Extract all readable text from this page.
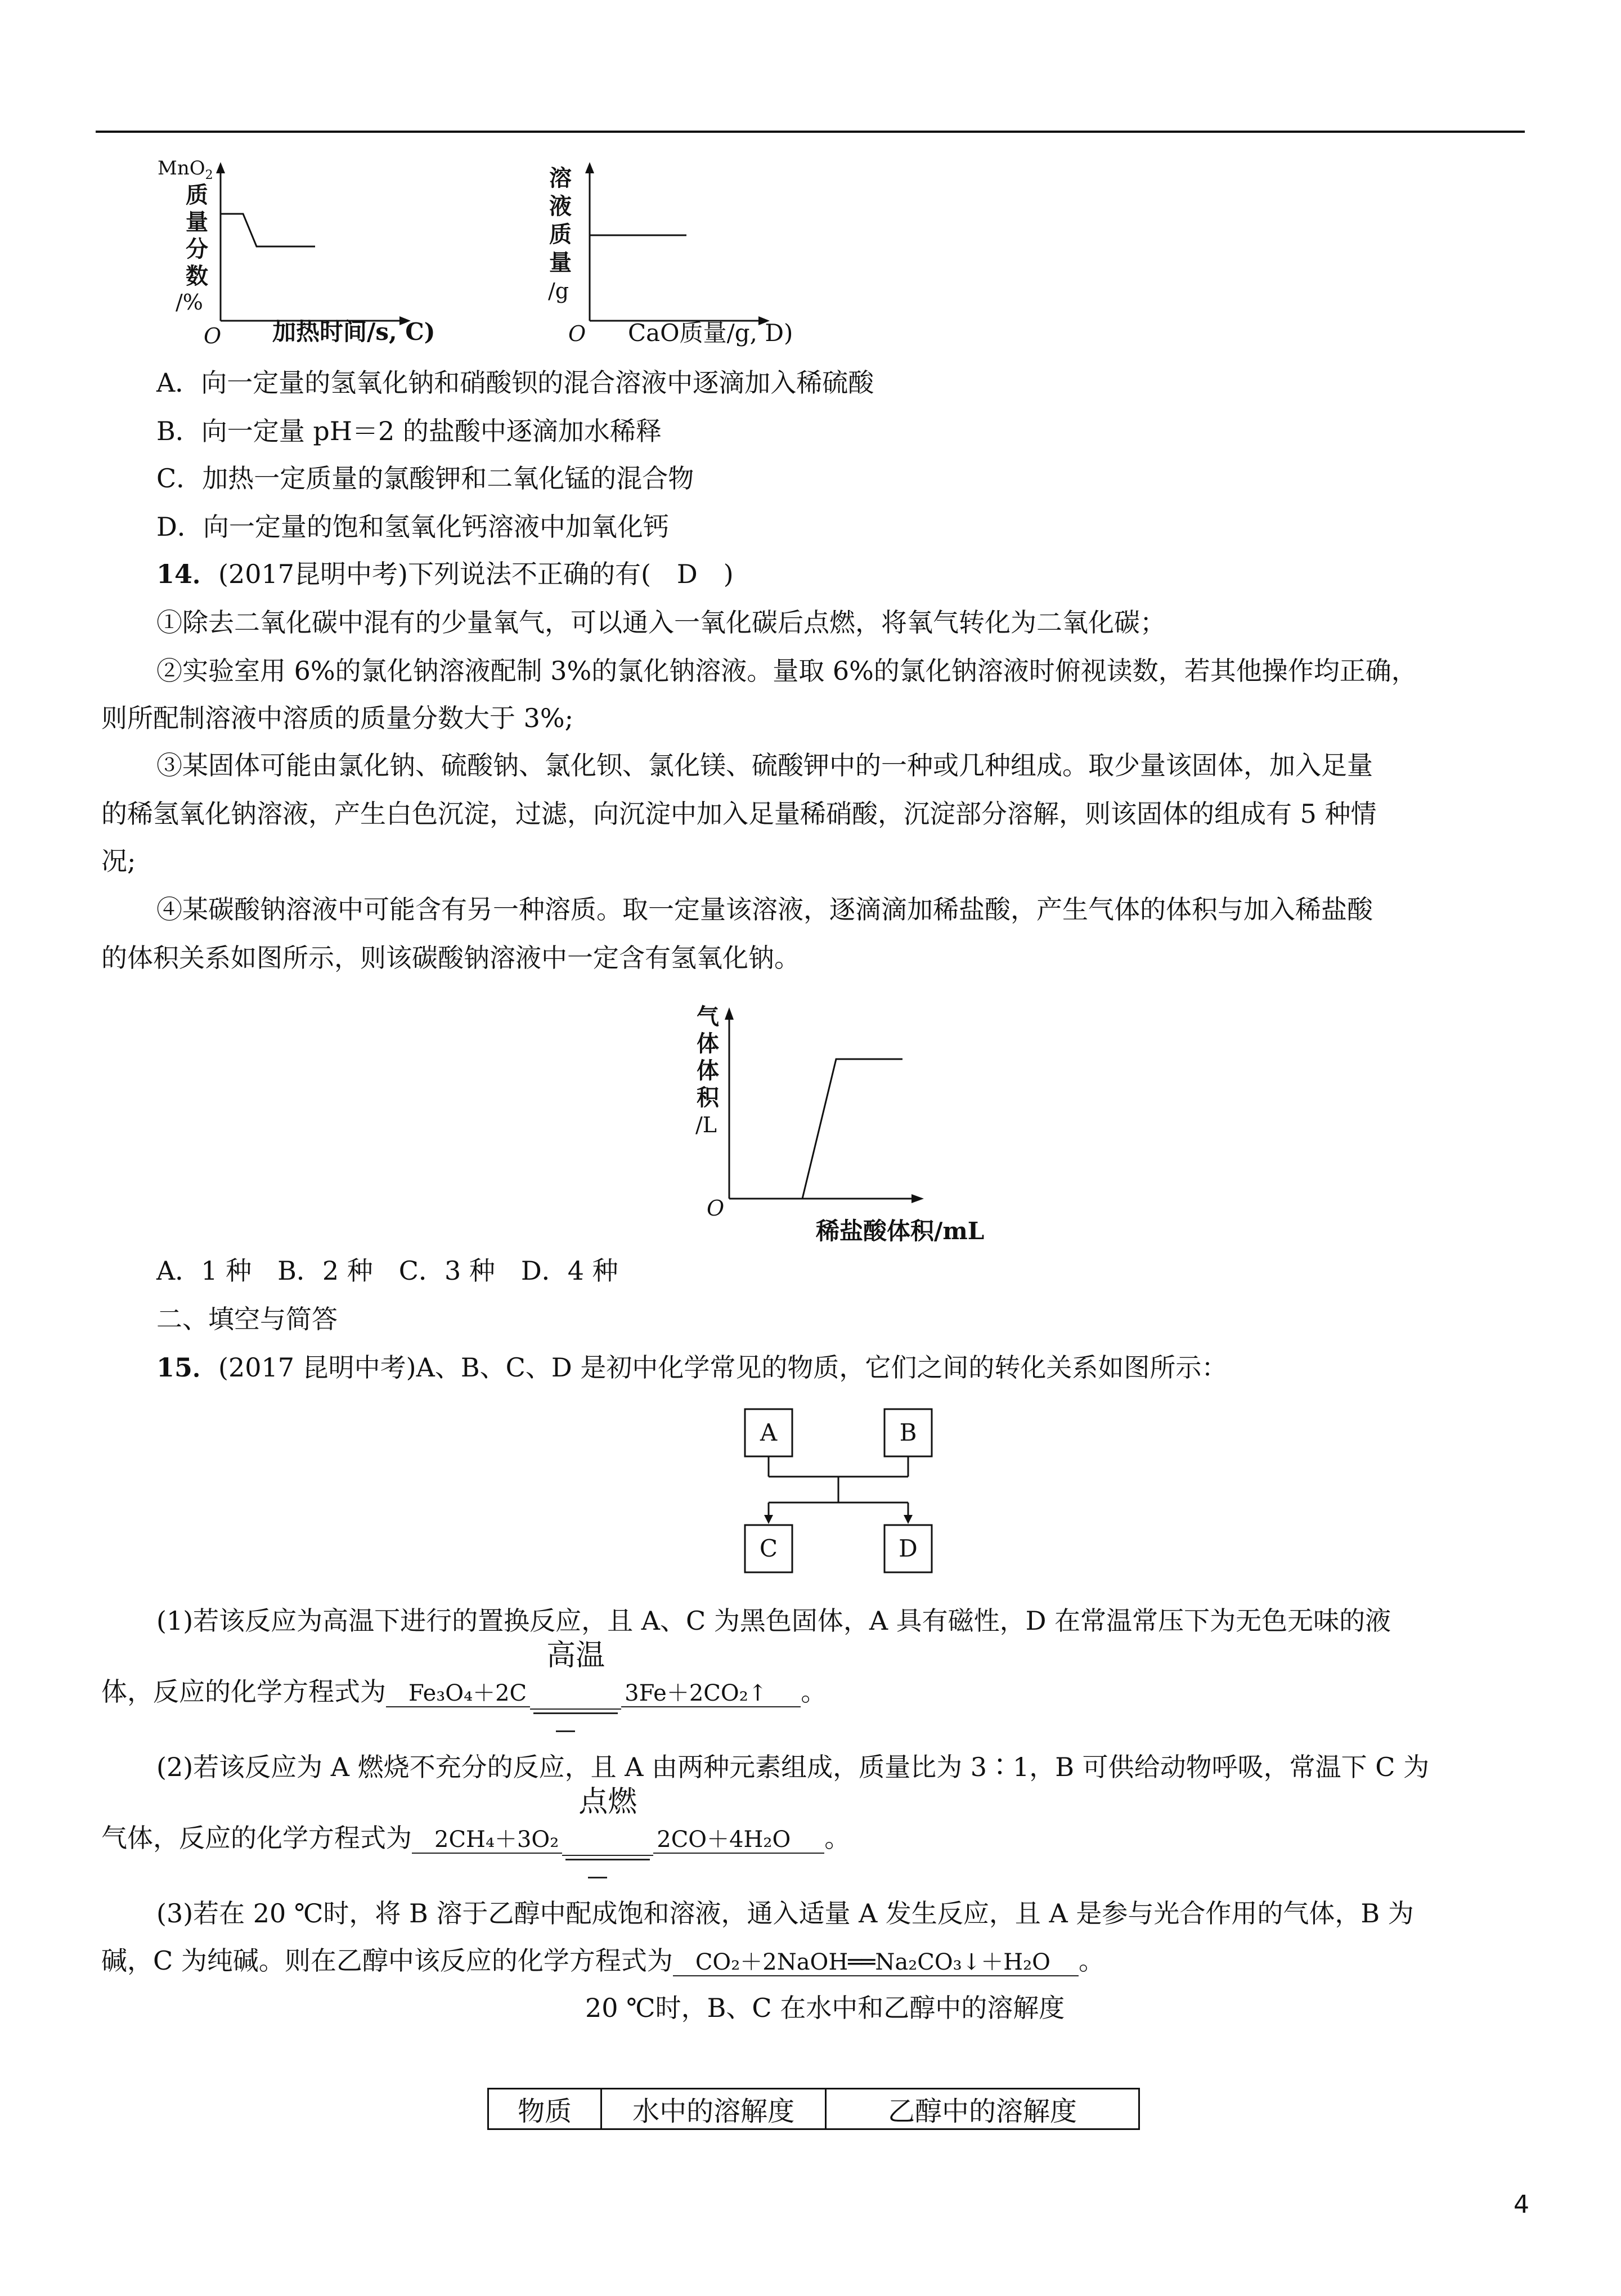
MnO$_2$
质
量
分
数
/%
O 加热时间/s, C)
溶
液
质
量
/g
O CaO质量/g, D)
A．向一定量的氢氧化钠和硝酸钡的混合溶液中逐滴加入稀硫酸
B．向一定量 pH＝2 的盐酸中逐滴加水稀释
C．加热一定质量的氯酸钾和二氧化锰的混合物
D．向一定量的饱和氢氧化钙溶液中加氧化钙
14．(2017昆明中考)下列说法不正确的有(　D　)
①除去二氧化碳中混有的少量氧气，可以通入一氧化碳后点燃，将氧气转化为二氧化碳；
②实验室用 6%的氯化钠溶液配制 3%的氯化钠溶液。量取 6%的氯化钠溶液时俯视读数，若其他操作均正确，
则所配制溶液中溶质的质量分数大于 3%;
③某固体可能由氯化钠、硫酸钠、氯化钡、氯化镁、硫酸钾中的一种或几种组成。取少量该固体，加入足量
的稀氢氧化钠溶液，产生白色沉淀，过滤，向沉淀中加入足量稀硝酸，沉淀部分溶解，则该固体的组成有 5 种情
况;
④某碳酸钠溶液中可能含有另一种溶质。取一定量该溶液，逐滴滴加稀盐酸，产生气体的体积与加入稀盐酸
的体积关系如图所示，则该碳酸钠溶液中一定含有氢氧化钠。
气
体
体
积
/L
O
稀盐酸体积/mL
A．1 种　B．2 种　C．3 种　D．4 种
二、填空与简答
15．(2017 昆明中考)A、B、C、D 是初中化学常见的物质，它们之间的转化关系如图所示：
A	B
C	D
(1)若该反应为高温下进行的置换反应，且 A、C 为黑色固体，A 具有磁性，D 在常温常压下为无色无味的液
体，反应的化学方程式为 Fe₃O₄＋2C
高温
3Fe＋2CO₂↑ 。
(2)若该反应为 A 燃烧不充分的反应，且 A 由两种元素组成，质量比为 3∶1，B 可供给动物呼吸，常温下 C 为
气体，反应的化学方程式为 2CH₄＋3O₂
点燃
2CO＋4H₂O 。
(3)若在 20 ℃时，将 B 溶于乙醇中配成饱和溶液，通入适量 A 发生反应，且 A 是参与光合作用的气体，B 为
碱，C 为纯碱。则在乙醇中该反应的化学方程式为 CO₂＋2NaOH══Na₂CO₃↓＋H₂O 。
20 ℃时，B、C 在水中和乙醇中的溶解度
物质	水中的溶解度	乙醇中的溶解度
4
